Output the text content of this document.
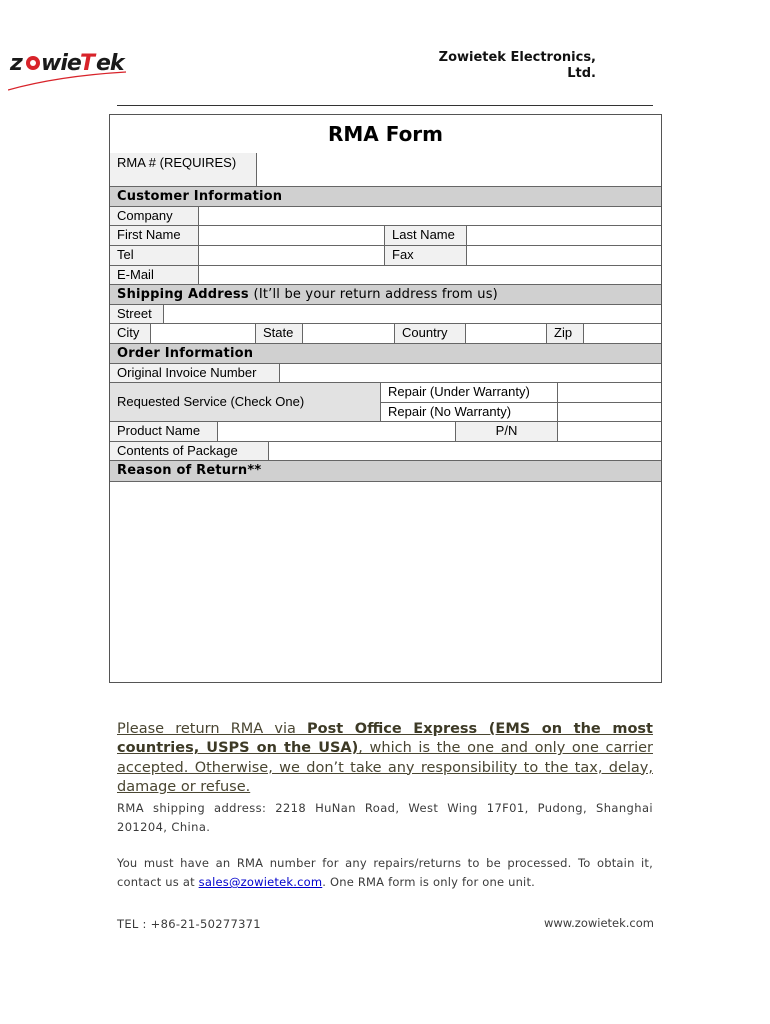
z wie T ek	Zowietek Electronics,
Ltd.
RMA Form
RMA # (REQUIRES)
Customer Information
Company
First Name	Last Name
Tel	Fax
E-Mail
Shipping Address (It’ll be your return address from us)
Street
City	State	Country	Zip
Order Information
Original Invoice Number
Requested Service (Check One)
Repair (Under Warranty)
Repair (No Warranty)
Product Name	P/N
Contents of Package
Reason of Return**
Please return RMA via Post Office Express (EMS on the most countries, USPS on the USA), which is the one and only one carrier accepted. Otherwise, we don’t take any responsibility to the tax, delay, damage or refuse.
RMA shipping address: 2218 HuNan Road, West Wing 17F01, Pudong, Shanghai 201204, China.
You must have an RMA number for any repairs/returns to be processed. To obtain it, contact us at sales@zowietek.com. One RMA form is only for one unit.
TEL : +86-21-50277371	www.zowietek.com
